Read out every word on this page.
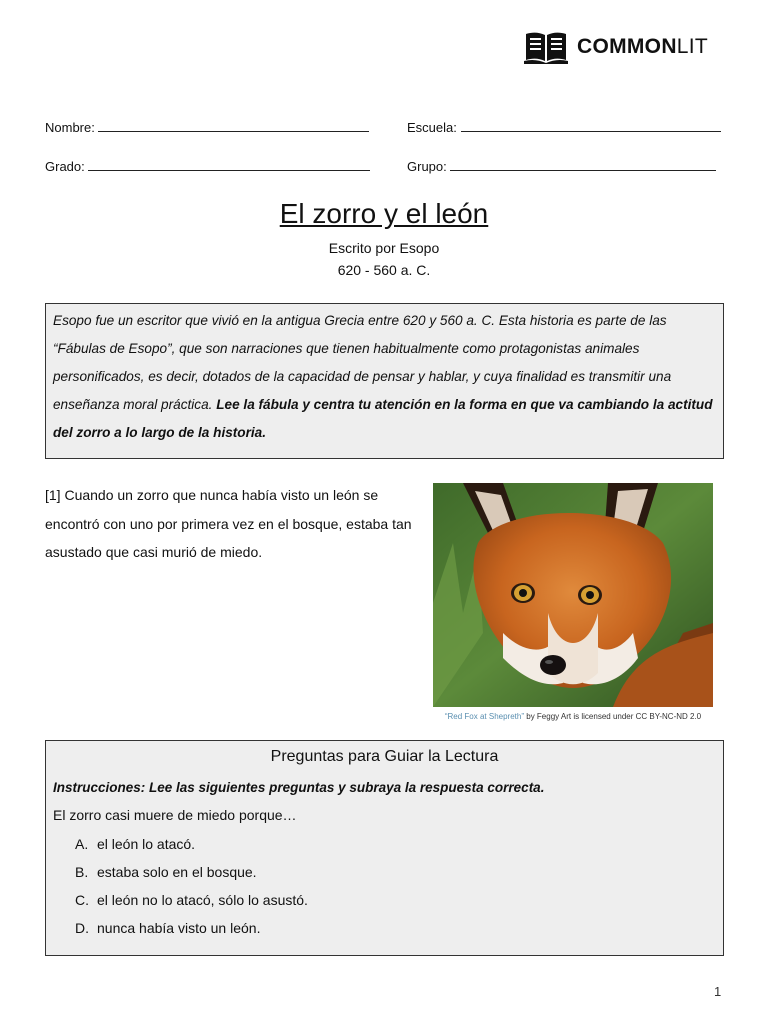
COMMONLIT
Nombre:	Escuela:
Grado:	Grupo:
El zorro y el león
Escrito por Esopo
620 - 560 a. C.
Esopo fue un escritor que vivió en la antigua Grecia entre 620 y 560 a. C. Esta historia es parte de las “Fábulas de Esopo”, que son narraciones que tienen habitualmente como protagonistas animales personificados, es decir, dotados de la capacidad de pensar y hablar, y cuya finalidad es transmitir una enseñanza moral práctica. Lee la fábula y centra tu atención en la forma en que va cambiando la actitud del zorro a lo largo de la historia.
[1] Cuando un zorro que nunca había visto un león se encontró con uno por primera vez en el bosque, estaba tan asustado que casi murió de miedo.
“Red Fox at Shepreth” by Feggy Art is licensed under CC BY-NC-ND 2.0
Preguntas para Guiar la Lectura
Instrucciones: Lee las siguientes preguntas y subraya la respuesta correcta.
El zorro casi muere de miedo porque…
A. el león lo atacó.
B. estaba solo en el bosque.
C. el león no lo atacó, sólo lo asustó.
D. nunca había visto un león.
1
